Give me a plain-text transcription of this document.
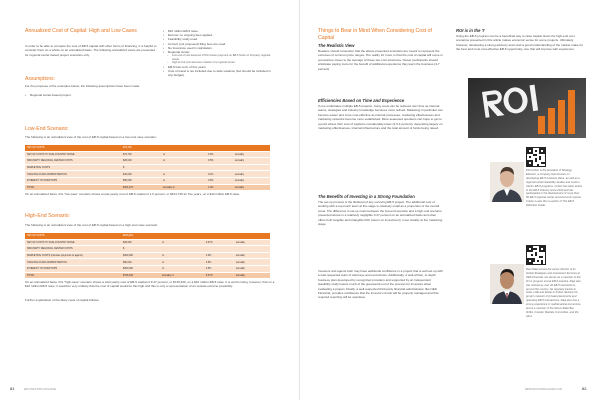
Annualized Cost of Capital: High and Low Cases

In order to be able to compare the cost of EB-5 capital with other forms of financing, it is helpful to consider them on a whole on an annualized basis. The following annualized views are presented for regional center-based project scenarios only.

Assumptions:

For the purposes of the examples below, the following assumptions have been made:

• Regional center-based project.
• $10 million EB-5 raise.
• Escrow: no ongoing fees applied.
• Feasibility study used.
• Current (not proposed) filing fees are used.
• No insurance used in calculation.
• Regional center:
– Low end of cost assumes 0.5% investor payment on EB-5 funds on 3rd-party regional center.
– High end of cost assumes creation of a regional center.
• EB-5 loan term of five years.
• Cost of travel is not included due to wide variance (but should be included in any budget).
Low-End Scenario:

The following is an annualized view of the cost of EB-5 capital based on a low-cost case scenario:

SET-UP COSTS	$74,746			
SET-UP COSTS TO DUE-COUNTRY RAISE	$74,746	or	0.3%	annually
3RD-PARTY REGIONAL CENTER COSTS	$25,000	or	0.5%	annually
MARKETING COSTS	$			
ONGOING FUND ADMINISTRATION	$10,000	or	0.1%	annually
INTEREST TO INVESTORS	$50,000	or	0.5%	annually
TOTAL	$104,476	annually or	1.0%	annually

On an annualized basis, this "low-case" scenario shows a total yearly cost of EB-5 capital of 1.0 percent, or $104,746 for five years, on a $10 million EB-5 raise.

High-End Scenario:

The following is an annualized view of the cost of EB-5 capital based on a high-cost case scenario:

SET-UP COSTS	$233,231			
SET-UP COSTS TO DUE-COUNTRY RAISE	$46,646	or	0.47%	annually
3RD-PARTY REGIONAL CENTER COSTS	$			
MARKETING COSTS (includes payments to agents)	$400,000	or	4.0%	annually
ONGOING FUND ADMINISTRATION	$50,000	or	0.5%	annually
INTEREST TO INVESTORS	$250,000	or	2.5%	annually
TOTAL	$746,646	annually or	9.47%	annually

On an annualized basis, this "high-case" scenario shows a total yearly cost of EB-5 capital of 9.47 percent, or $746,646, on a $10 million EB-5 raise. It is worth noting, however, that on a $10 million EB-5 raise, it would be very unlikely that the cost of capital would be this high and this is only a representation of an outside extreme possibility.

Further explanation of the likely costs of capital follows.

81	EB5 INVESTORS MAGAZINE
Things to Bear in Mind When Considering Cost of Capital
The Realistic View

Readers should remember that the above-presented scenarios are meant to represent the extremes of common price ranges. The reality for most, is that the cost of capital will come in somewhere closer to the average of these two cost structures. Newer participants should anticipate paying more for the benefit of additional experience they learn the business (4-7 percent).

Efficiencies Based on Time and Experience

If one undertakes multiple EB-5 projects, many costs can be reduced over time as internal teams, strategies and industry knowledge becomes more refined. Marketing in particular can become easier and more cost-effective as internal processes, marketing effectiveness and marketing networks become more established. More seasoned operators can hope to get to a point where their cost of capital is considerably lower (2-5.4 percent), depending largely on marketing effectiveness, internal infrastructure and the total amount of funds being raised.

The Benefits of Investing in a Strong Foundation

The set-up process is the lifeblood of any surviving EB-5 project. The additional cost of working with a top-notch team at this stage is relatively small as a proportion of the overall costs. The difference in set-up costs between the low-end scenario and a high-end scenario presented above is a relatively negligible 0.47 percent on an annualized basis and often offers both tangible and intangible ROI (return on investment), most notably at the marketing stage.

Investors and agents both may have additional confidence in a project that is well set up with a well-respected team of attorneys and economists. Additionally, a well-written, in-depth business plan developed by recognized providers and supported by an independent feasibility study lowers much of the guesswork out of the process for investors when evaluating a project. Finally, a well-respected third-party financial administrator, like NES Financial, provides confidence that the investor's funds will be properly managed and that required reporting will be seamless.

ROI is in the 'I'

Using the EB-5 program can be a beneficial way to raise capital. Even the high-end cost scenarios presented in this article makes economic sense for some projects. Ultimately, however, developing a strong advisory team and a good understanding of the market make for the best and most cost-effective EB-5 opportunity, one that will improve with experience.

82
EB5INVESTORSMAGAZINE.COM

Phil Cohen is the president of Strategy Element, a company that focuses on developing EB-5 business plans, as well as a regional center feasibility studies and custom clients' EB-5 programs. Cohen has been active in the EB-5 industry since 2010 and has participated in the development of more than 80 EB-5 regional center and economic reports. Cohen is also the co-author of The EB-5 Definitive Guide.

Ravi Patel serves the senior director of its Global Strategies and Investment Services at NES Financial. He serves as a member of the firm's program and at EB-5 practice. Raja also has worked as over 20 EB-5 transactions, around the country. He regularly travels to India, UAE and Dubai to further develop his group's network of private placements and operating EB-5 transactions. Raja also has a strong experience in mathematical economics, and is a member of the Illinois State Bar, IIUSA, Investor Markets Committee, and the AILA.
